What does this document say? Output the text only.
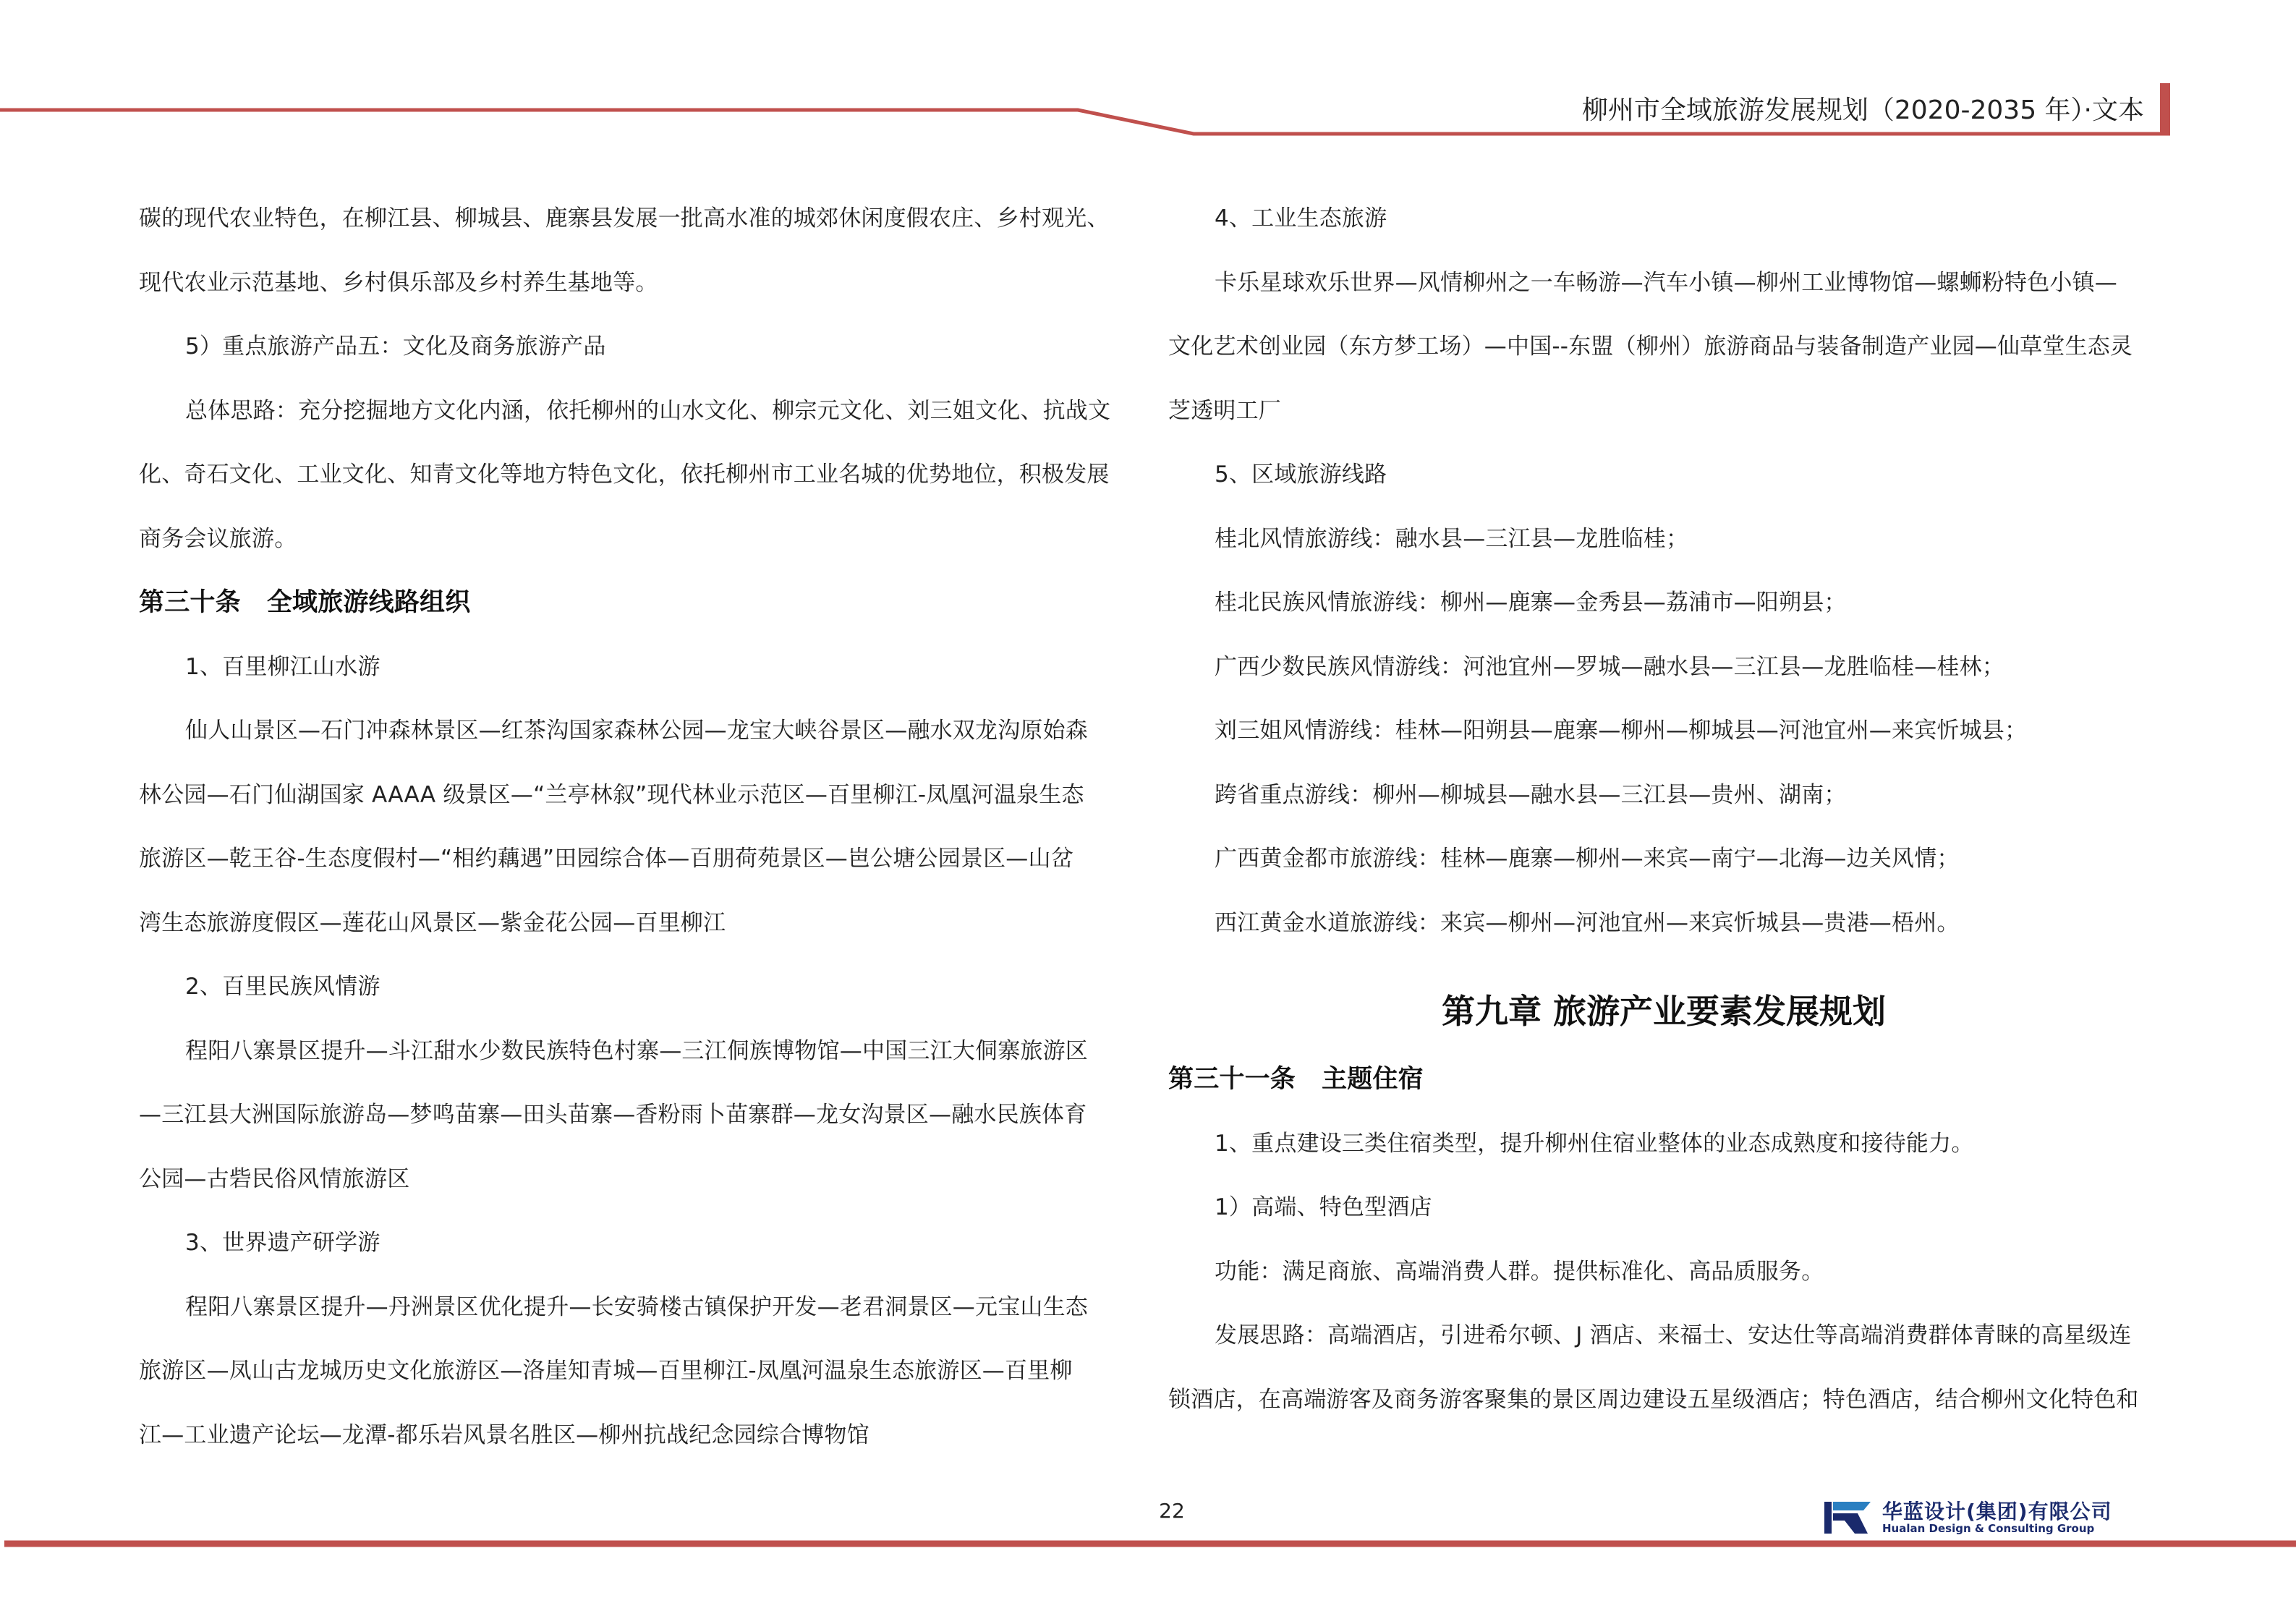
柳州市全域旅游发展规划（2020-2035 年）·文本
碳的现代农业特色，在柳江县、柳城县、鹿寨县发展一批高水准的城郊休闲度假农庄、乡村观光、
现代农业示范基地、乡村俱乐部及乡村养生基地等。
5）重点旅游产品五：文化及商务旅游产品
总体思路：充分挖掘地方文化内涵，依托柳州的山水文化、柳宗元文化、刘三姐文化、抗战文
化、奇石文化、工业文化、知青文化等地方特色文化，依托柳州市工业名城的优势地位，积极发展
商务会议旅游。
第三十条 全域旅游线路组织
1、百里柳江山水游
仙人山景区—石门冲森林景区—红茶沟国家森林公园—龙宝大峡谷景区—融水双龙沟原始森
林公园—石门仙湖国家 AAAA 级景区—“兰亭林叙”现代林业示范区—百里柳江-凤凰河温泉生态
旅游区—乾王谷-生态度假村—“相约藕遇”田园综合体—百朋荷苑景区—岜公塘公园景区—山岔
湾生态旅游度假区—莲花山风景区—紫金花公园—百里柳江
2、百里民族风情游
程阳八寨景区提升—斗江甜水少数民族特色村寨—三江侗族博物馆—中国三江大侗寨旅游区
—三江县大洲国际旅游岛—梦鸣苗寨—田头苗寨—香粉雨卜苗寨群—龙女沟景区—融水民族体育
公园—古砦民俗风情旅游区
3、世界遗产研学游
程阳八寨景区提升—丹洲景区优化提升—长安骑楼古镇保护开发—老君洞景区—元宝山生态
旅游区—凤山古龙城历史文化旅游区—洛崖知青城—百里柳江-凤凰河温泉生态旅游区—百里柳
江—工业遗产论坛—龙潭-都乐岩风景名胜区—柳州抗战纪念园综合博物馆
4、工业生态旅游
卡乐星球欢乐世界—风情柳州之一车畅游—汽车小镇—柳州工业博物馆—螺蛳粉特色小镇—
文化艺术创业园（东方梦工场）—中国--东盟（柳州）旅游商品与装备制造产业园—仙草堂生态灵
芝透明工厂
5、区域旅游线路
桂北风情旅游线：融水县—三江县—龙胜临桂；
桂北民族风情旅游线：柳州—鹿寨—金秀县—荔浦市—阳朔县；
广西少数民族风情游线：河池宜州—罗城—融水县—三江县—龙胜临桂—桂林；
刘三姐风情游线：桂林—阳朔县—鹿寨—柳州—柳城县—河池宜州—来宾忻城县；
跨省重点游线：柳州—柳城县—融水县—三江县—贵州、湖南；
广西黄金都市旅游线：桂林—鹿寨—柳州—来宾—南宁—北海—边关风情；
西江黄金水道旅游线：来宾—柳州—河池宜州—来宾忻城县—贵港—梧州。
第九章 旅游产业要素发展规划
第三十一条 主题住宿
1、重点建设三类住宿类型，提升柳州住宿业整体的业态成熟度和接待能力。
1）高端、特色型酒店
功能：满足商旅、高端消费人群。提供标准化、高品质服务。
发展思路：高端酒店，引进希尔顿、J 酒店、来福士、安达仕等高端消费群体青睐的高星级连
锁酒店，在高端游客及商务游客聚集的景区周边建设五星级酒店；特色酒店，结合柳州文化特色和
22	华蓝设计(集团)有限公司
Hualan Design & Consulting Group
